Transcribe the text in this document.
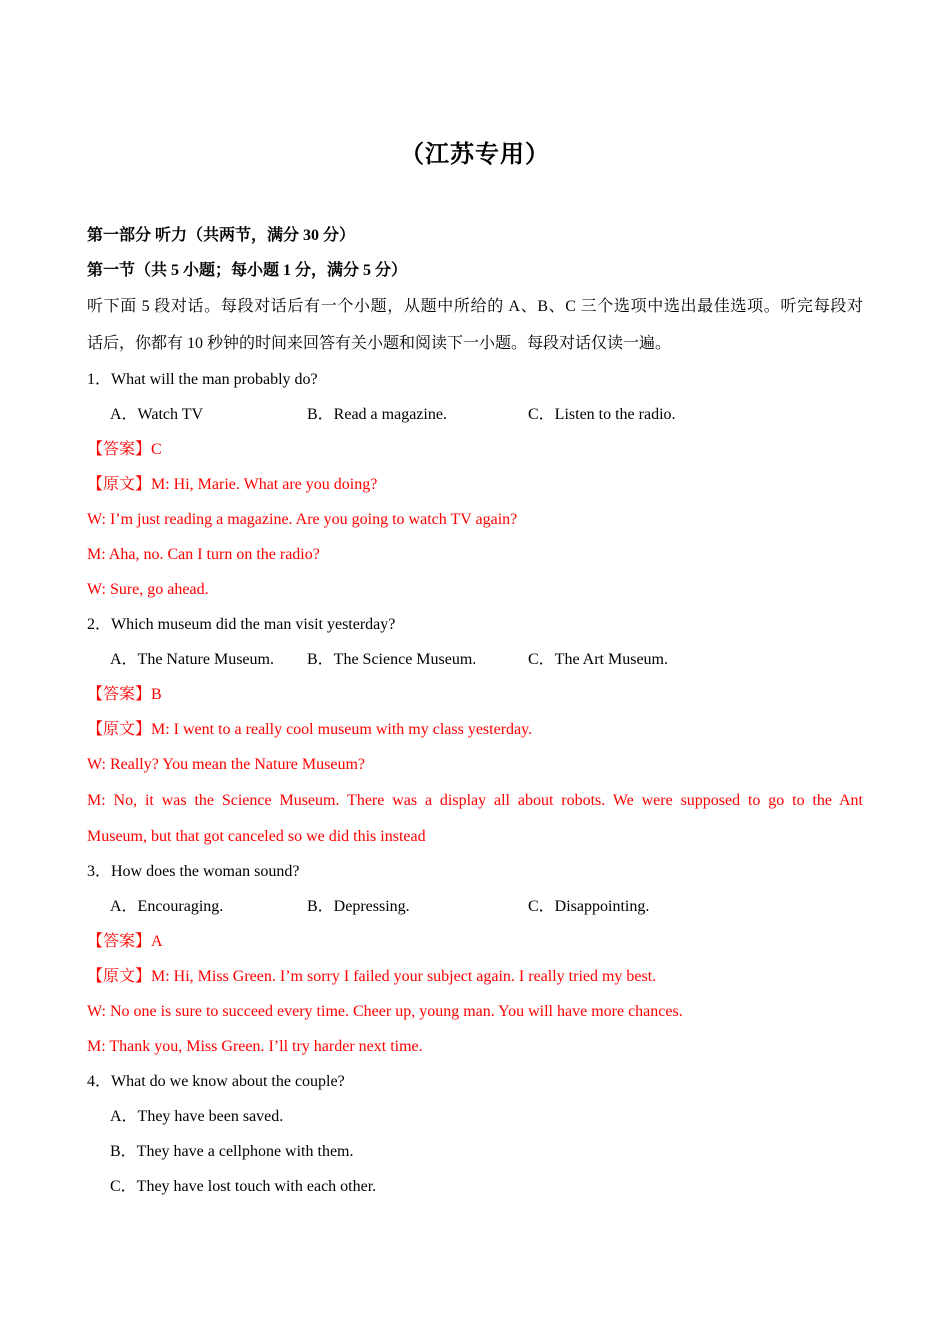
（江苏专用）
第一部分 听力（共两节，满分 30 分）
第一节（共 5 小题；每小题 1 分，满分 5 分）
听下面 5 段对话。每段对话后有一个小题，从题中所给的 A、B、C 三个选项中选出最佳选项。听完每段对
话后，你都有 10 秒钟的时间来回答有关小题和阅读下一小题。每段对话仅读一遍。
1．What will the man probably do?
A．Watch TV	B．Read a magazine.	C．Listen to the radio.
【答案】C
【原文】M: Hi, Marie. What are you doing?
W: I’m just reading a magazine. Are you going to watch TV again?
M: Aha, no. Can I turn on the radio?
W: Sure, go ahead.
2．Which museum did the man visit yesterday?
A．The Nature Museum. B．The Science Museum.	C．The Art Museum.
【答案】B
【原文】M: I went to a really cool museum with my class yesterday.
W: Really? You mean the Nature Museum?
M: No, it was the Science Museum. There was a display all about robots. We were supposed to go to the Ant
Museum, but that got canceled so we did this instead
3．How does the woman sound?
A．Encouraging.	B．Depressing.	C．Disappointing.
【答案】A
【原文】M: Hi, Miss Green. I’m sorry I failed your subject again. I really tried my best.
W: No one is sure to succeed every time. Cheer up, young man. You will have more chances.
M: Thank you, Miss Green. I’ll try harder next time.
4．What do we know about the couple?
A．They have been saved.
B．They have a cellphone with them.
C．They have lost touch with each other.
